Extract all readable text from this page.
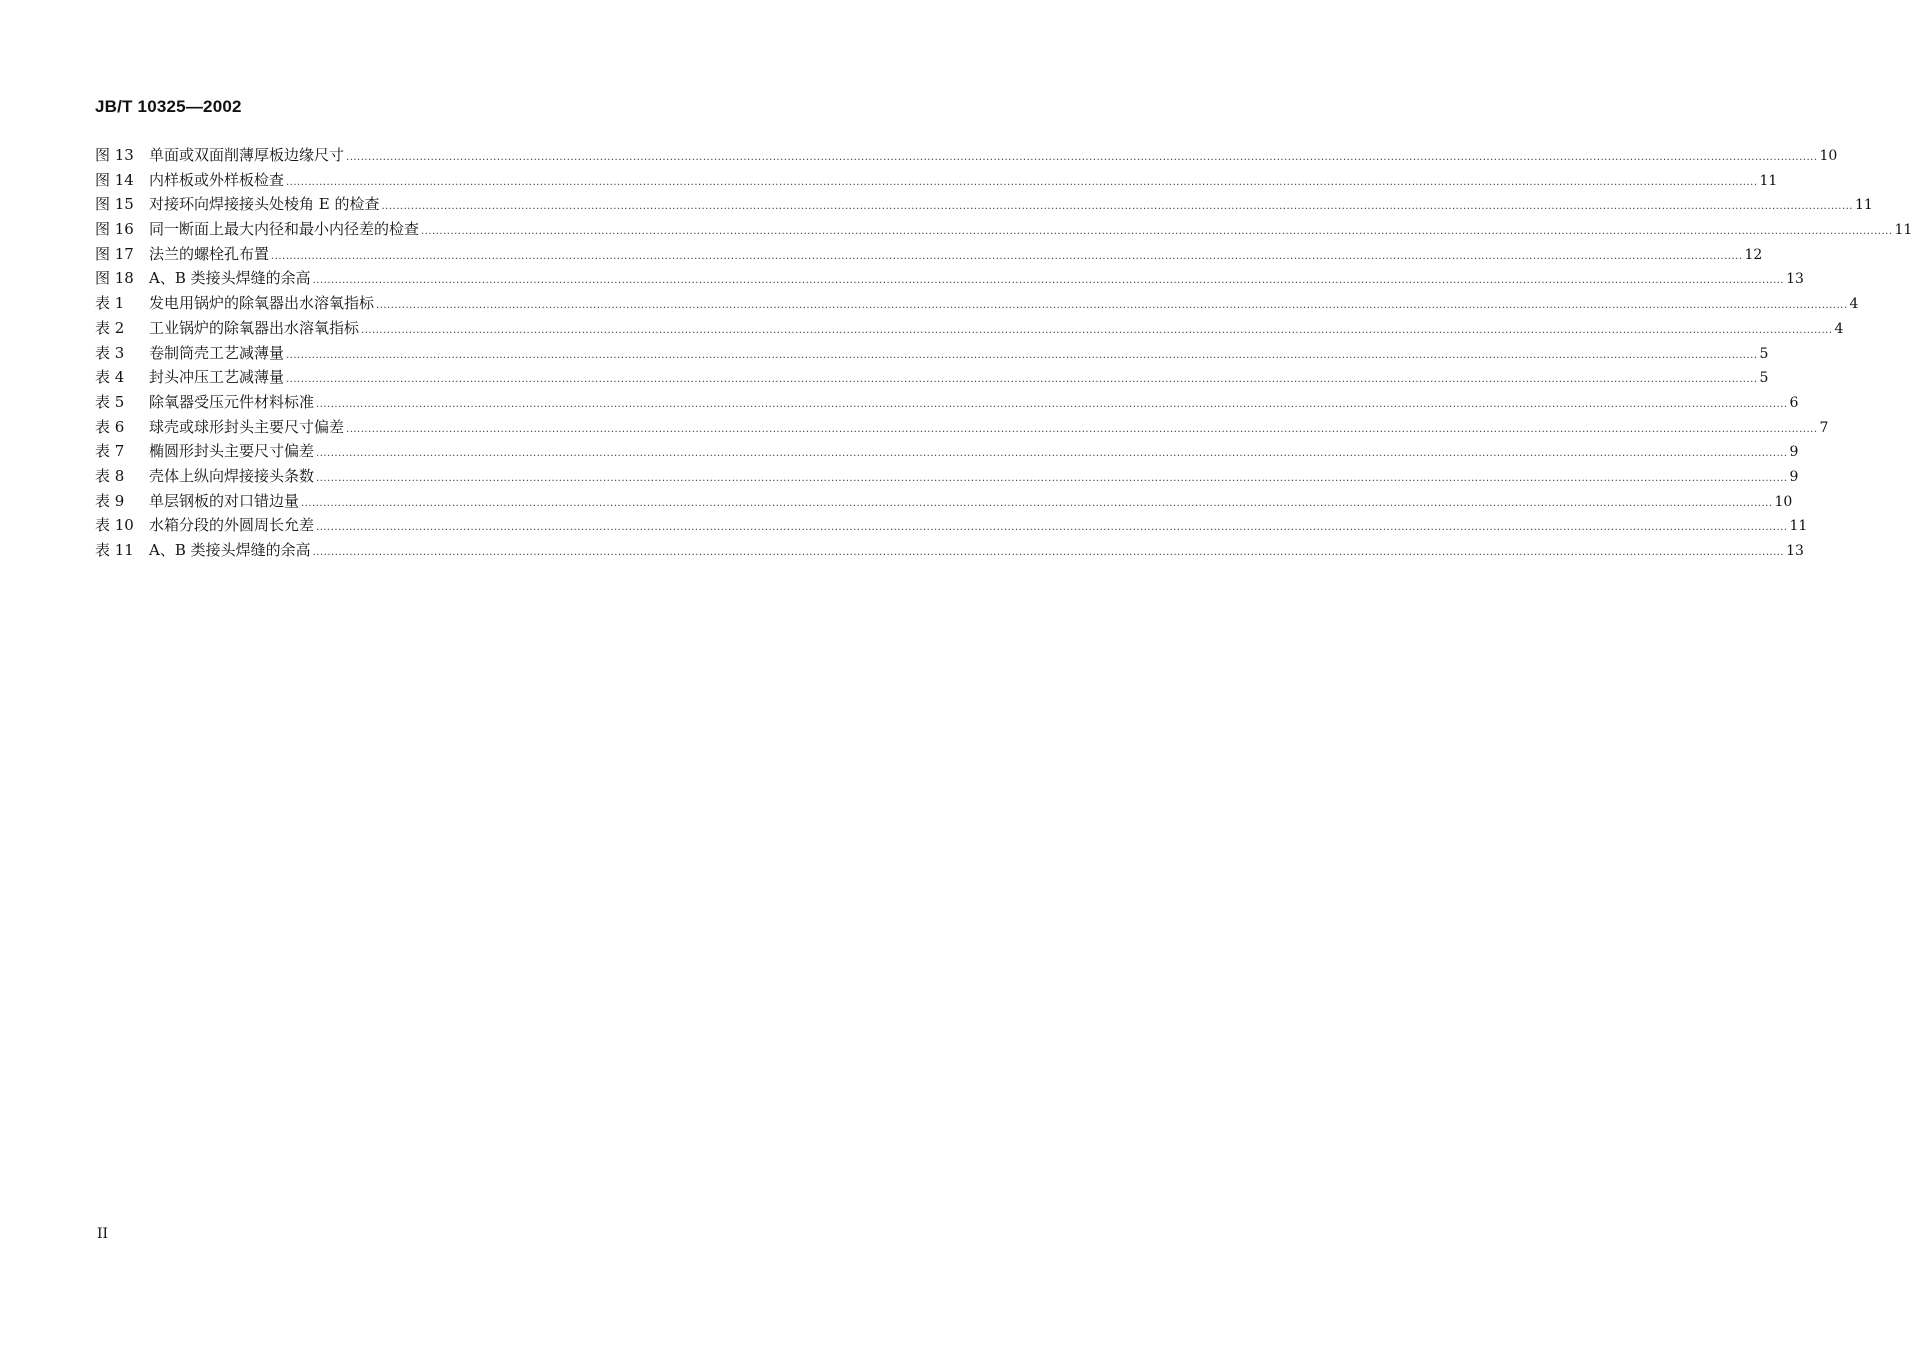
JB/T 10325—2002
图 13	单面或双面削薄厚板边缘尺寸 ................................................................................................................................................................................................................................................................................................................................................................................................................ 10
图 14	内样板或外样板检查 ................................................................................................................................................................................................................................................................................................................................................................................................................ 11
图 15	对接环向焊接接头处棱角 E 的检查 ................................................................................................................................................................................................................................................................................................................................................................................................................ 11
图 16	同一断面上最大内径和最小内径差的检查 ................................................................................................................................................................................................................................................................................................................................................................................................................ 11
图 17	法兰的螺栓孔布置 ................................................................................................................................................................................................................................................................................................................................................................................................................ 12
图 18	A、B 类接头焊缝的余高 ................................................................................................................................................................................................................................................................................................................................................................................................................ 13
表 1	发电用锅炉的除氧器出水溶氧指标 ................................................................................................................................................................................................................................................................................................................................................................................................................ 4
表 2	工业锅炉的除氧器出水溶氧指标 ................................................................................................................................................................................................................................................................................................................................................................................................................ 4
表 3	卷制筒壳工艺减薄量 ................................................................................................................................................................................................................................................................................................................................................................................................................ 5
表 4	封头冲压工艺减薄量 ................................................................................................................................................................................................................................................................................................................................................................................................................ 5
表 5	除氧器受压元件材料标准 ................................................................................................................................................................................................................................................................................................................................................................................................................ 6
表 6	球壳或球形封头主要尺寸偏差 ................................................................................................................................................................................................................................................................................................................................................................................................................ 7
表 7	椭圆形封头主要尺寸偏差 ................................................................................................................................................................................................................................................................................................................................................................................................................ 9
表 8	壳体上纵向焊接接头条数 ................................................................................................................................................................................................................................................................................................................................................................................................................ 9
表 9	单层钢板的对口错边量 ................................................................................................................................................................................................................................................................................................................................................................................................................ 10
表 10	水箱分段的外圆周长允差 ................................................................................................................................................................................................................................................................................................................................................................................................................ 11
表 11	A、B 类接头焊缝的余高 ................................................................................................................................................................................................................................................................................................................................................................................................................ 13
II
